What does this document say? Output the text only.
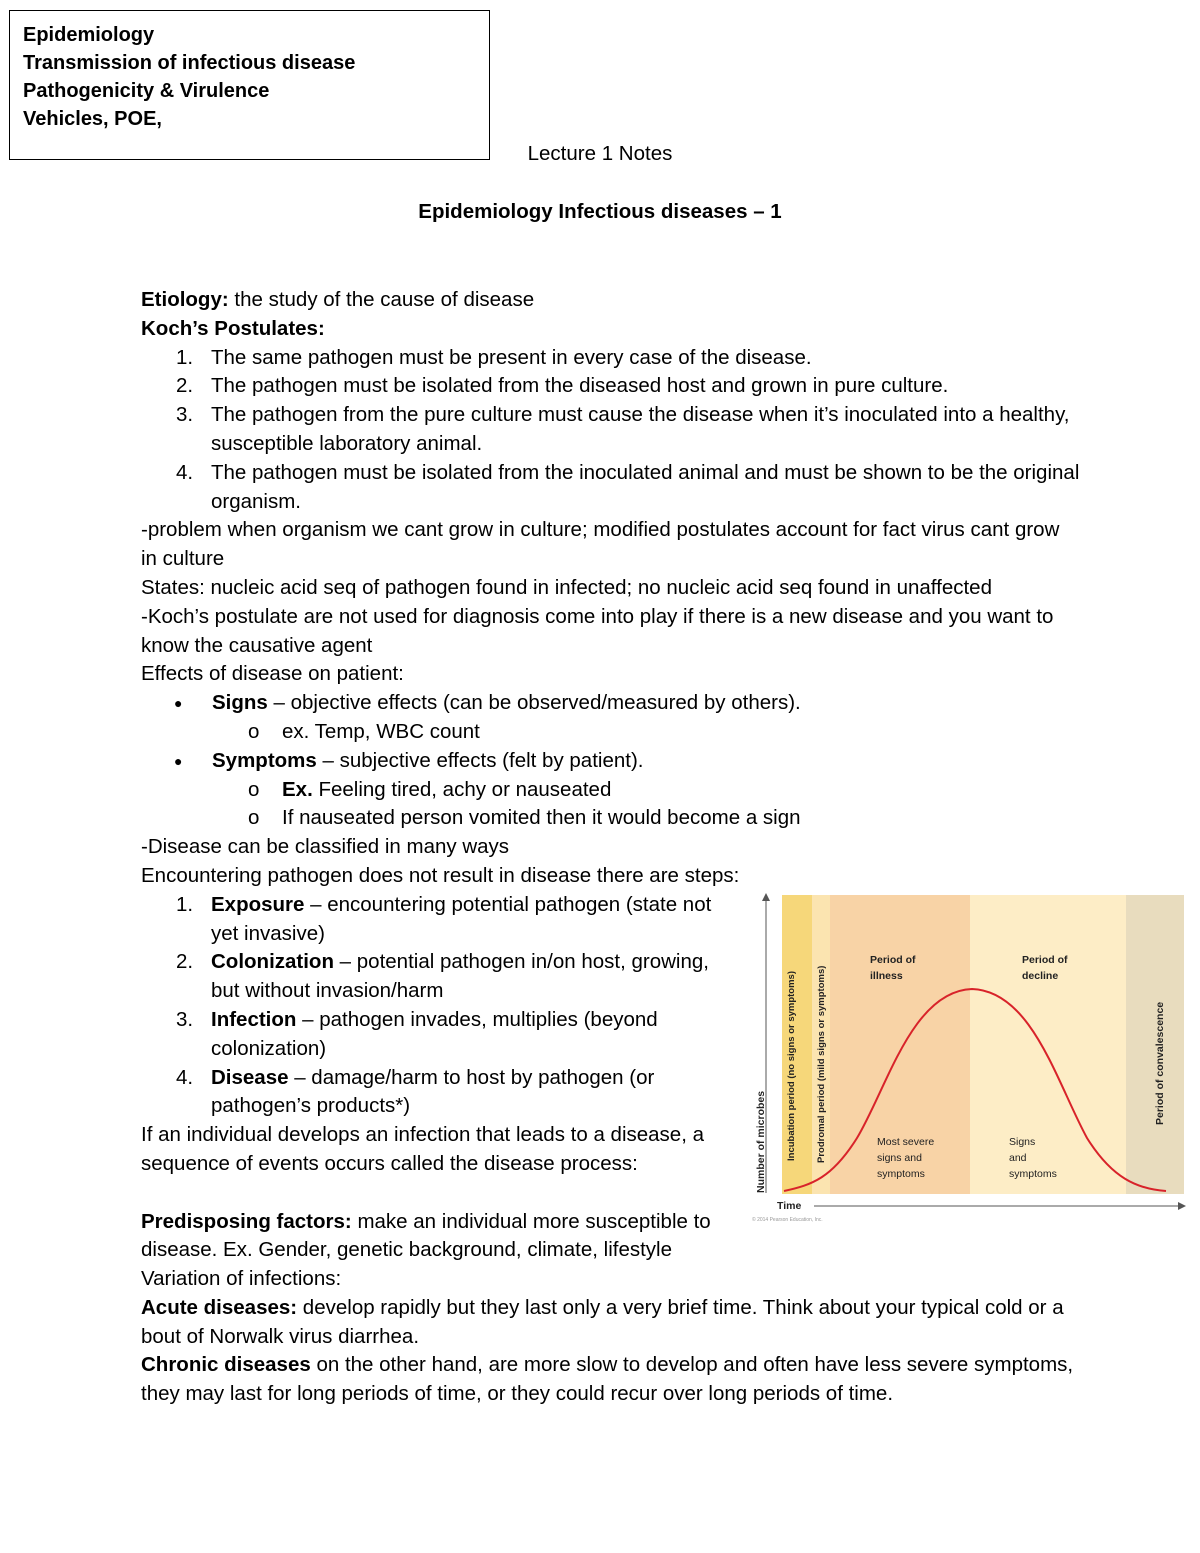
Epidemiology
Transmission of infectious disease
Pathogenicity & Virulence
Vehicles, POE,
Lecture 1 Notes
Epidemiology Infectious diseases – 1
Etiology: the study of the cause of disease
Koch’s Postulates:
1. The same pathogen must be present in every case of the disease.
2. The pathogen must be isolated from the diseased host and grown in pure culture.
3. The pathogen from the pure culture must cause the disease when it’s inoculated into a healthy, susceptible laboratory animal.
4. The pathogen must be isolated from the inoculated animal and must be shown to be the original organism.
-problem when organism we cant grow in culture; modified postulates account for fact virus cant grow in culture
States: nucleic acid seq of pathogen found in infected; no nucleic acid seq found in unaffected
-Koch’s postulate are not used for diagnosis come into play if there is a new disease and you want to know the causative agent
Effects of disease on patient:
●	Signs – objective effects (can be observed/measured by others).
o	ex. Temp, WBC count
●	Symptoms – subjective effects (felt by patient).
o	Ex. Feeling tired, achy or nauseated
o	If nauseated person vomited then it would become a sign
-Disease can be classified in many ways
Encountering pathogen does not result in disease there are steps:
1. Exposure – encountering potential pathogen (state not yet invasive)
2. Colonization – potential pathogen in/on host, growing, but without invasion/harm
3. Infection – pathogen invades, multiplies (beyond colonization)
4. Disease – damage/harm to host by pathogen (or pathogen’s products*)
If an individual develops an infection that leads to a disease, a sequence of events occurs called the disease process:
Predisposing factors: make an individual more susceptible to disease. Ex. Gender, genetic background, climate, lifestyle
Variation of infections:
Acute diseases: develop rapidly but they last only a very brief time. Think about your typical cold or a bout of Norwalk virus diarrhea.
Chronic diseases on the other hand, are more slow to develop and often have less severe symptoms, they may last for long periods of time, or they could recur over long periods of time.
Number of microbes
Time
Incubation period (no signs or symptoms) Prodromal period (mild signs or symptoms)
Period of
illness
Period of
decline
Period of convalescence
Most severe
signs and
symptoms
Signs
and
symptoms
© 2014 Pearson Education, Inc.
